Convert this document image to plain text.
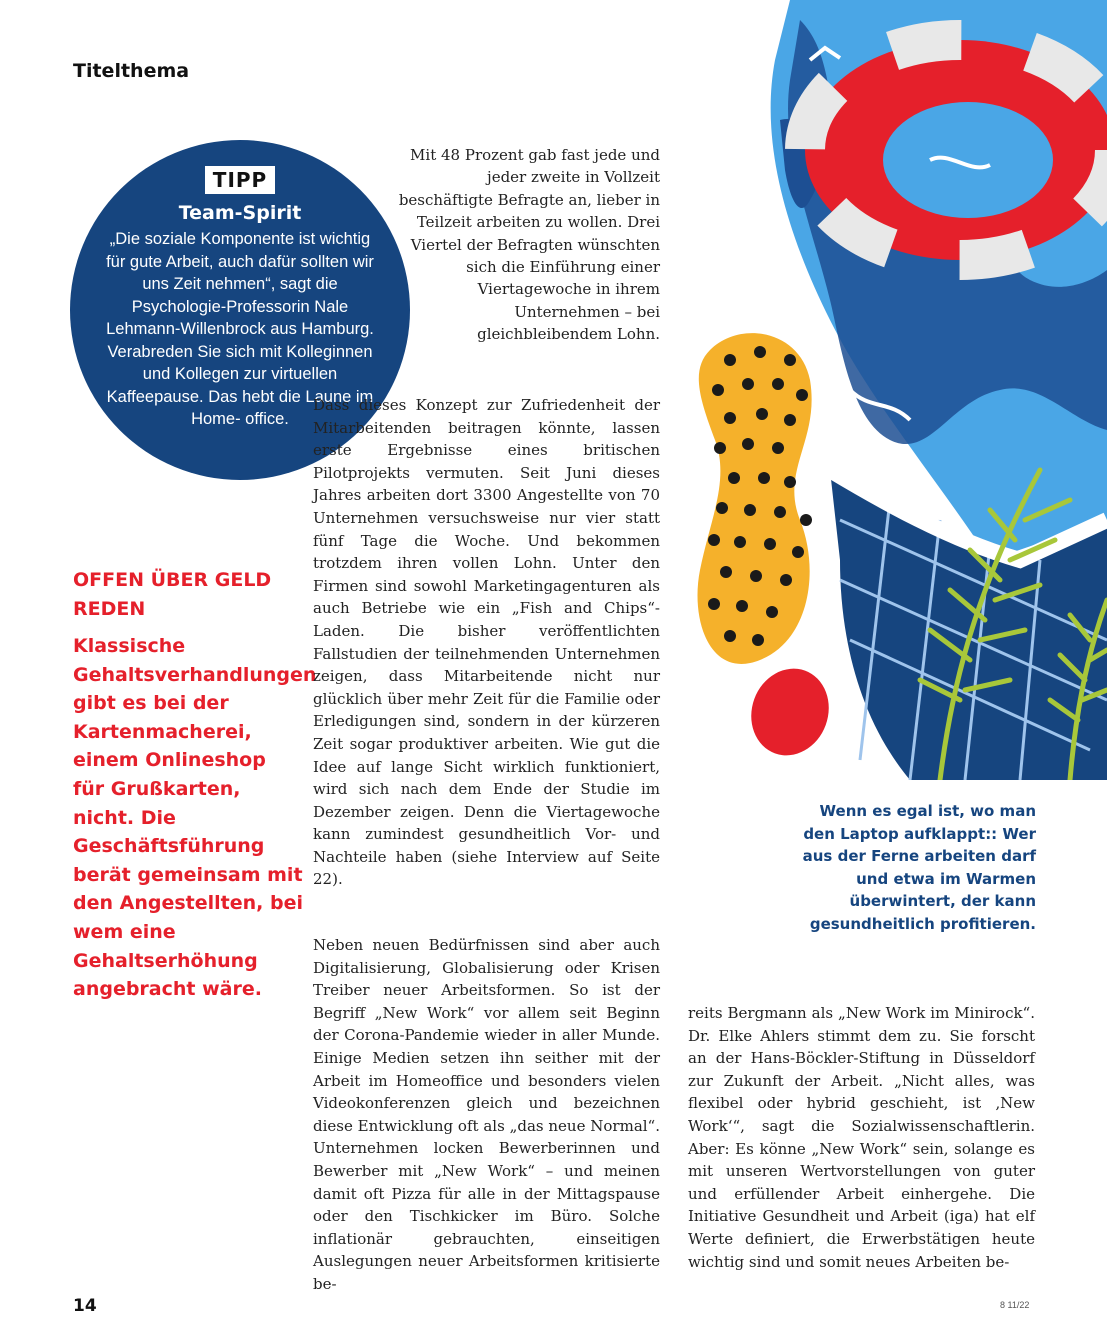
Titelthema
TIPP
Team-Spirit

„Die soziale Komponente ist wichtig für gute Arbeit, auch dafür sollten wir uns Zeit nehmen“, sagt die Psychologie-Professorin Nale Lehmann-Willenbrock aus Hamburg. Verabreden Sie sich mit Kolleginnen und Kollegen zur virtuellen Kaffeepause. Das hebt die Laune im Home- office.

OFFEN ÜBER GELD REDEN

Klassische Gehaltsverhandlungen gibt es bei der Kartenmacherei, einem Onlineshop für Grußkarten, nicht. Die Geschäftsführung berät gemeinsam mit den Angestellten, bei wem eine Gehaltserhöhung angebracht wäre.

Mit 48 Prozent gab fast jede und jeder zweite in Vollzeit beschäftigte Befragte an, lieber in Teilzeit arbeiten zu wollen. Drei Viertel der Befragten wünschten sich die Einführung einer Viertagewoche in ihrem Unternehmen – bei gleichbleibendem Lohn.

Dass dieses Konzept zur Zufriedenheit der Mitarbeitenden beitragen könnte, lassen erste Ergebnisse eines britischen Pilotprojekts vermuten. Seit Juni dieses Jahres arbeiten dort 3300 Angestellte von 70 Unternehmen versuchsweise nur vier statt fünf Tage die Woche. Und bekommen trotzdem ihren vollen Lohn. Unter den Firmen sind sowohl Marketingagenturen als auch Betriebe wie ein „Fish and Chips“-Laden. Die bisher veröffentlichten Fallstudien der teilnehmenden Unternehmen zeigen, dass Mitarbeitende nicht nur glücklich über mehr Zeit für die Familie oder Erledigungen sind, sondern in der kürzeren Zeit sogar produktiver arbeiten. Wie gut die Idee auf lange Sicht wirklich funktioniert, wird sich nach dem Ende der Studie im Dezember zeigen. Denn die Viertagewoche kann zumindest gesundheitlich Vor- und Nachteile haben (siehe Interview auf Seite 22).

Neben neuen Bedürfnissen sind aber auch Digitalisierung, Globalisierung oder Krisen Treiber neuer Arbeitsformen. So ist der Begriff „New Work“ vor allem seit Beginn der Corona-Pandemie wieder in aller Munde. Einige Medien setzen ihn seither mit der Arbeit im Homeoffice und besonders vielen Videokonferenzen gleich und bezeichnen diese Entwicklung oft als „das neue Normal“. Unternehmen locken Bewerberinnen und Bewerber mit „New Work“ – und meinen damit oft Pizza für alle in der Mittagspause oder den Tischkicker im Büro. Solche inflationär gebrauchten, einseitigen Auslegungen neuer Arbeitsformen kritisierte be-

reits Bergmann als „New Work im Minirock“. Dr. Elke Ahlers stimmt dem zu. Sie forscht an der Hans-Böckler-Stiftung in Düsseldorf zur Zukunft der Arbeit. „Nicht alles, was flexibel oder hybrid geschieht, ist ‚New Work‘“, sagt die Sozialwissenschaftlerin. Aber: Es könne „New Work“ sein, solange es mit unseren Wertvorstellungen von guter und erfüllender Arbeit einhergehe. Die Initiative Gesundheit und Arbeit (iga) hat elf Werte definiert, die Erwerbstätigen heute wichtig sind und somit neues Arbeiten be-

Wenn es egal ist, wo man den Laptop aufklappt:: Wer aus der Ferne arbeiten darf und etwa im Warmen überwintert, der kann gesundheitlich profitieren.

14	8 11/22
